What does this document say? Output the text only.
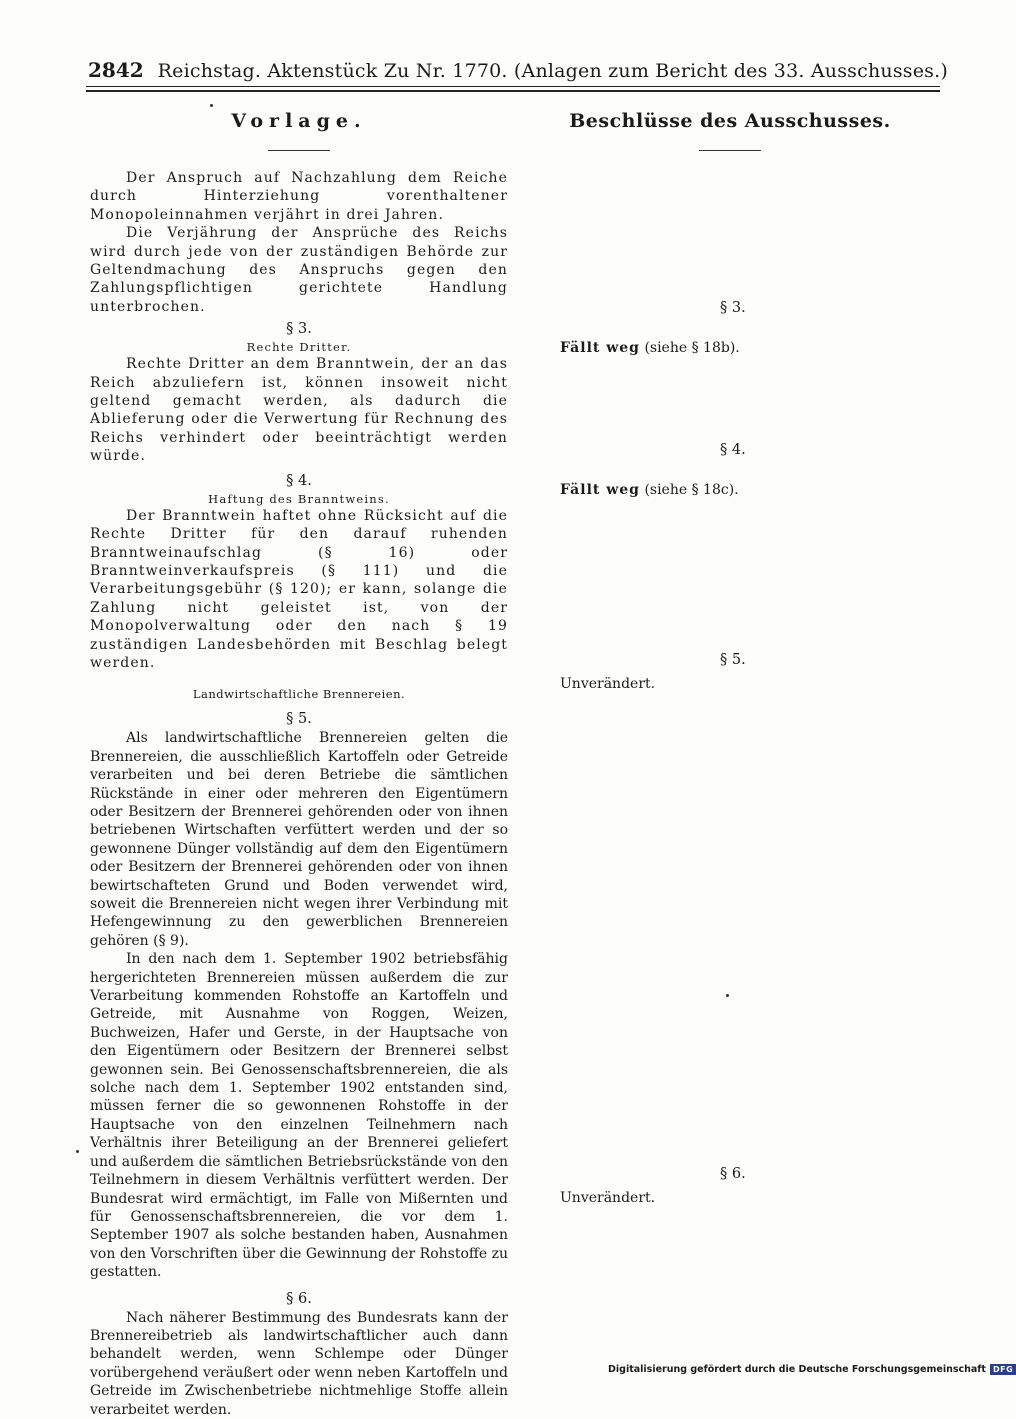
2842 Reichstag. Aktenstück Zu Nr. 1770. (Anlagen zum Bericht des 33. Ausschusses.)
Vorlage.

Der Anspruch auf Nachzahlung dem Reiche durch Hinterziehung vorenthaltener Monopoleinnahmen verjährt in drei Jahren.

Die Verjährung der Ansprüche des Reichs wird durch jede von der zuständigen Behörde zur Geltendmachung des Anspruchs gegen den Zahlungspflichtigen gerichtete Handlung unterbrochen.

§ 3.
Rechte Dritter.

Rechte Dritter an dem Branntwein, der an das Reich abzuliefern ist, können insoweit nicht geltend gemacht werden, als dadurch die Ablieferung oder die Verwertung für Rechnung des Reichs verhindert oder beeinträchtigt werden würde.

§ 4.
Haftung des Branntweins.

Der Branntwein haftet ohne Rücksicht auf die Rechte Dritter für den darauf ruhenden Branntweinaufschlag (§ 16) oder Branntweinverkaufspreis (§ 111) und die Verarbeitungsgebühr (§ 120); er kann, solange die Zahlung nicht geleistet ist, von der Monopolverwaltung oder den nach § 19 zuständigen Landesbehörden mit Beschlag belegt werden.

Landwirtschaftliche Brennereien.
§ 5.

Als landwirtschaftliche Brennereien gelten die Brennereien, die ausschließlich Kartoffeln oder Getreide verarbeiten und bei deren Betriebe die sämtlichen Rückstände in einer oder mehreren den Eigentümern oder Besitzern der Brennerei gehörenden oder von ihnen betriebenen Wirtschaften verfüttert werden und der so gewonnene Dünger vollständig auf dem den Eigentümern oder Besitzern der Brennerei gehörenden oder von ihnen bewirtschafteten Grund und Boden verwendet wird, soweit die Brennereien nicht wegen ihrer Verbindung mit Hefengewinnung zu den gewerblichen Brennereien gehören (§ 9).

In den nach dem 1. September 1902 betriebsfähig hergerichteten Brennereien müssen außerdem die zur Verarbeitung kommenden Rohstoffe an Kartoffeln und Getreide, mit Ausnahme von Roggen, Weizen, Buchweizen, Hafer und Gerste, in der Hauptsache von den Eigentümern oder Besitzern der Brennerei selbst gewonnen sein. Bei Genossenschaftsbrennereien, die als solche nach dem 1. September 1902 entstanden sind, müssen ferner die so gewonnenen Rohstoffe in der Hauptsache von den einzelnen Teilnehmern nach Verhältnis ihrer Beteiligung an der Brennerei geliefert und außerdem die sämtlichen Betriebsrückstände von den Teilnehmern in diesem Verhältnis verfüttert werden. Der Bundesrat wird ermächtigt, im Falle von Mißernten und für Genossenschaftsbrennereien, die vor dem 1. September 1907 als solche bestanden haben, Ausnahmen von den Vorschriften über die Gewinnung der Rohstoffe zu gestatten.

§ 6.

Nach näherer Bestimmung des Bundesrats kann der Brennereibetrieb als landwirtschaftlicher auch dann behandelt werden, wenn Schlempe oder Dünger vorübergehend veräußert oder wenn neben Kartoffeln und Getreide im Zwischenbetriebe nichtmehlige Stoffe allein verarbeitet werden.

Beschlüsse des Ausschusses.
§ 3.
Fällt weg (siehe § 18b).
§ 4.
Fällt weg (siehe § 18c).
§ 5.
Unverändert.
§ 6.
Unverändert.
Digitalisierung gefördert durch die Deutsche Forschungsgemeinschaft DFG
